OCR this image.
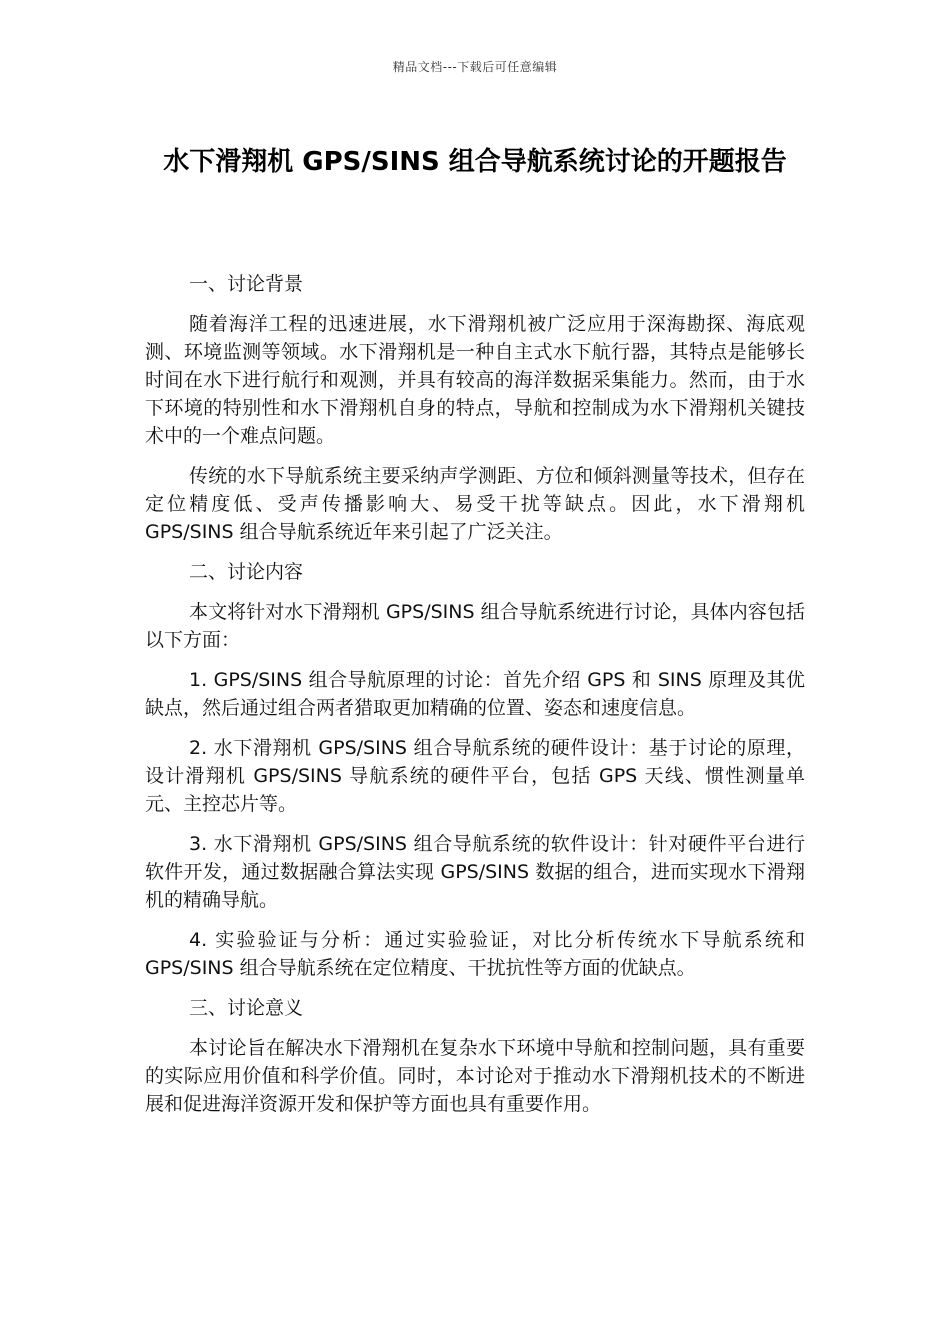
精品文档---下载后可任意编辑
水下滑翔机 GPS/SINS 组合导航系统讨论的开题报告

一、讨论背景

随着海洋工程的迅速进展，水下滑翔机被广泛应用于深海勘探、海底观测、环境监测等领域。水下滑翔机是一种自主式水下航行器，其特点是能够长时间在水下进行航行和观测，并具有较高的海洋数据采集能力。然而，由于水下环境的特别性和水下滑翔机自身的特点，导航和控制成为水下滑翔机关键技术中的一个难点问题。

传统的水下导航系统主要采纳声学测距、方位和倾斜测量等技术，但存在定位精度低、受声传播影响大、易受干扰等缺点。因此，水下滑翔机 GPS/SINS 组合导航系统近年来引起了广泛关注。

二、讨论内容

本文将针对水下滑翔机 GPS/SINS 组合导航系统进行讨论，具体内容包括以下方面：

1. GPS/SINS 组合导航原理的讨论：首先介绍 GPS 和 SINS 原理及其优缺点，然后通过组合两者猎取更加精确的位置、姿态和速度信息。

2. 水下滑翔机 GPS/SINS 组合导航系统的硬件设计：基于讨论的原理，设计滑翔机 GPS/SINS 导航系统的硬件平台，包括 GPS 天线、惯性测量单元、主控芯片等。

3. 水下滑翔机 GPS/SINS 组合导航系统的软件设计：针对硬件平台进行软件开发，通过数据融合算法实现 GPS/SINS 数据的组合，进而实现水下滑翔机的精确导航。

4. 实验验证与分析：通过实验验证，对比分析传统水下导航系统和 GPS/SINS 组合导航系统在定位精度、干扰抗性等方面的优缺点。

三、讨论意义

本讨论旨在解决水下滑翔机在复杂水下环境中导航和控制问题，具有重要的实际应用价值和科学价值。同时，本讨论对于推动水下滑翔机技术的不断进展和促进海洋资源开发和保护等方面也具有重要作用。
